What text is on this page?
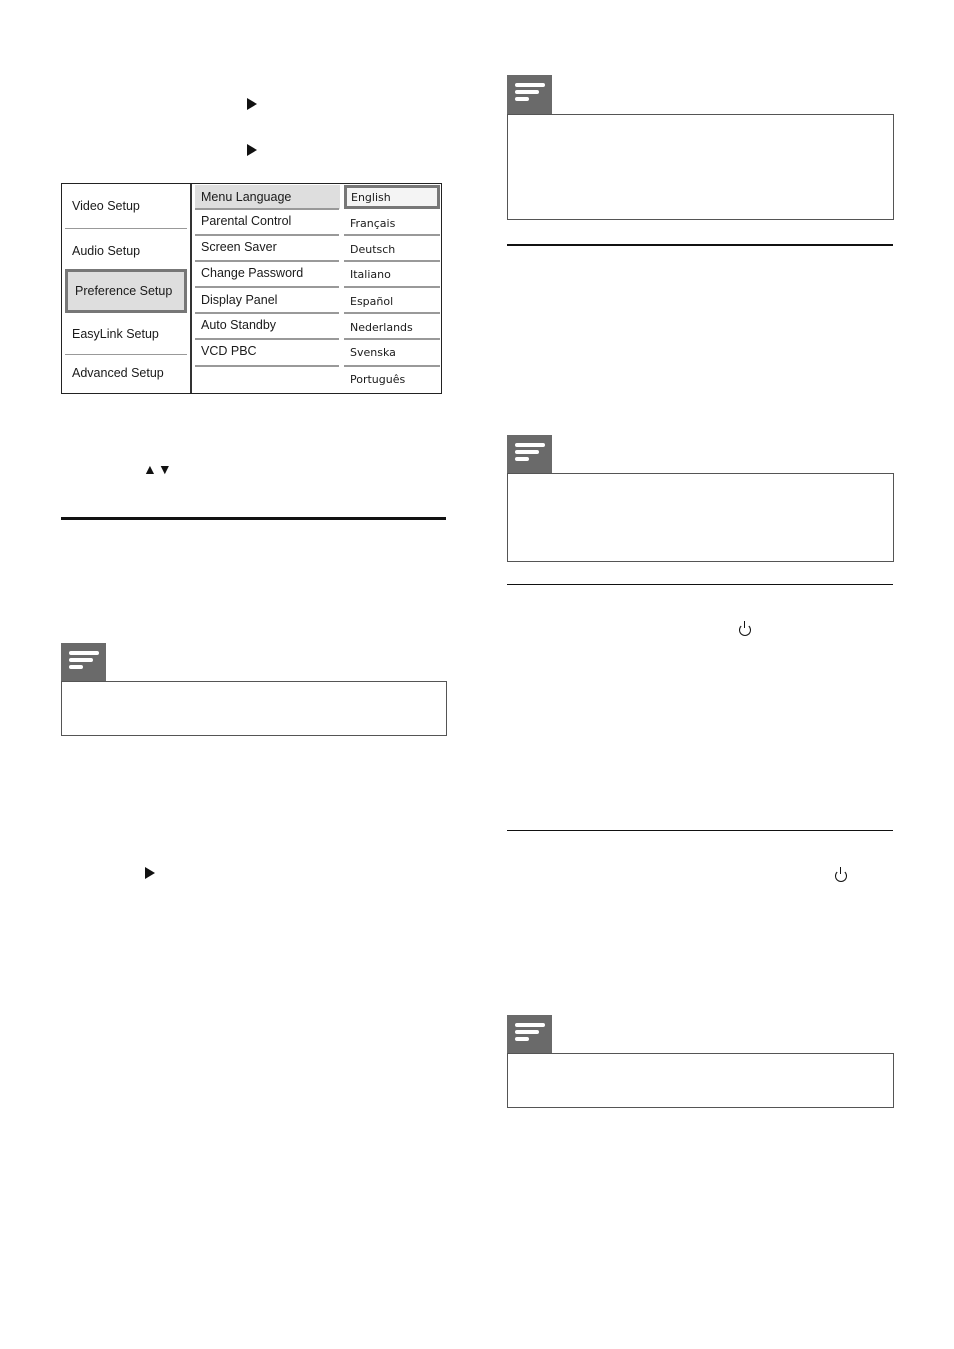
Video Setup
Audio Setup
Preference Setup
EasyLink Setup
Advanced Setup
Menu Language
Parental Control
Screen Saver
Change Password
Display Panel
Auto Standby
VCD PBC
English
Français
Deutsch
Italiano
Español
Nederlands
Svenska
Português
▲▼
